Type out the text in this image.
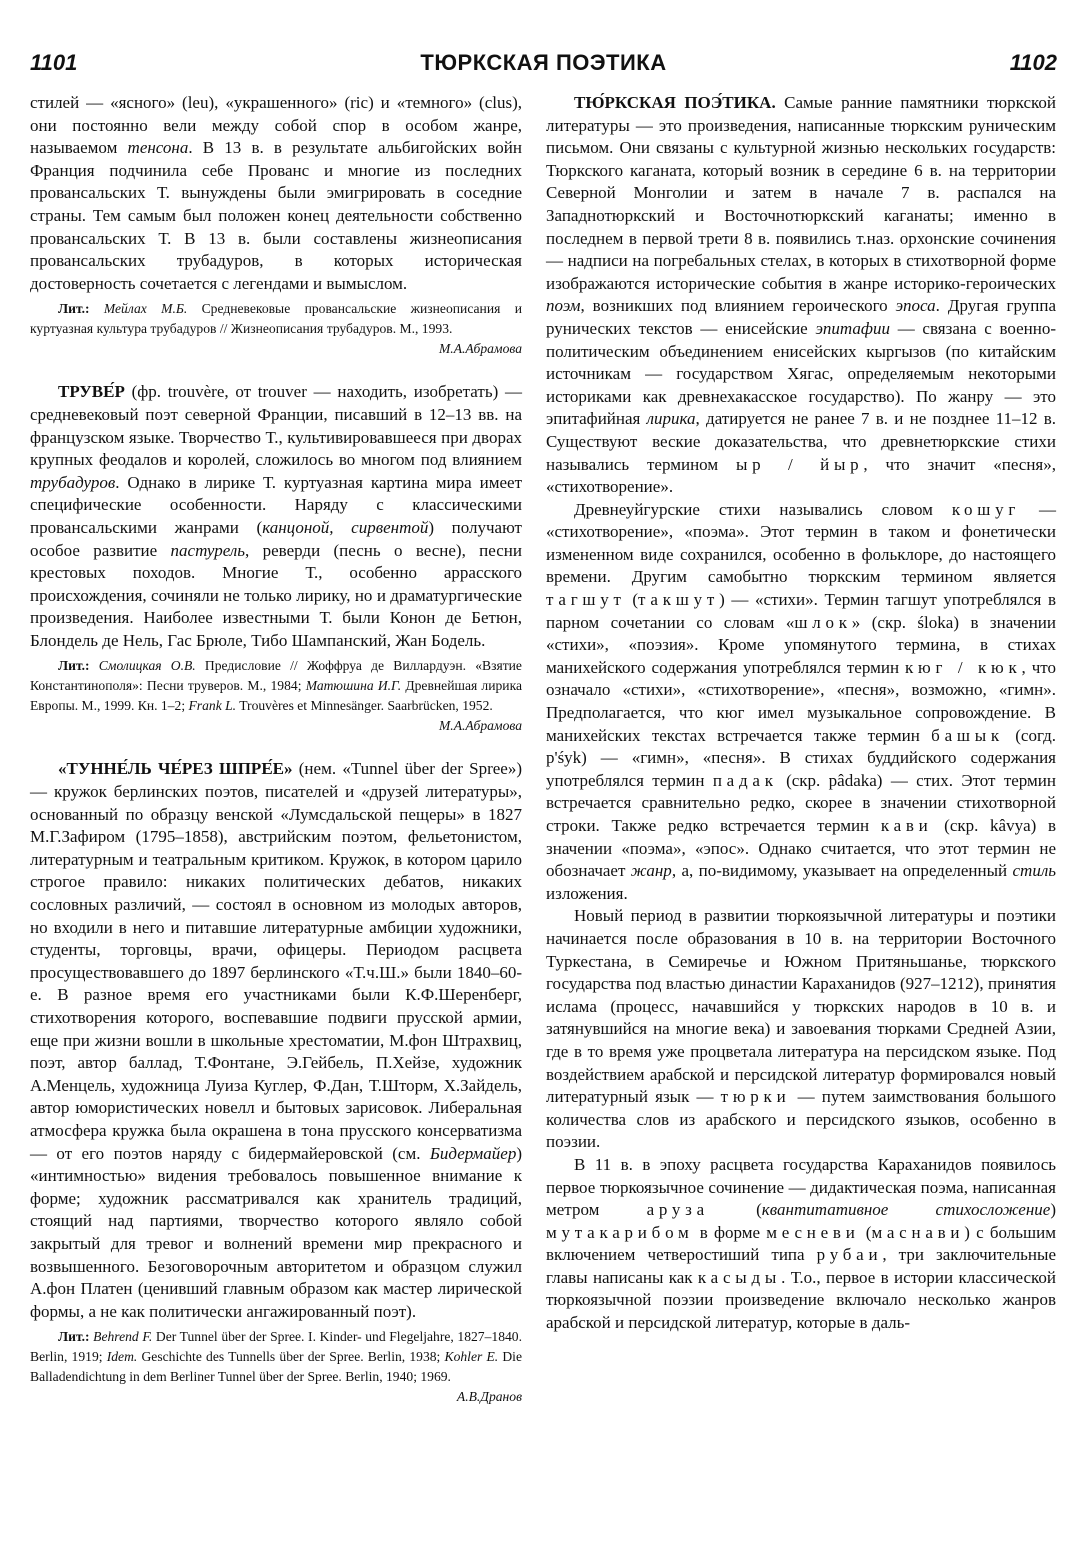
1101	ТЮРКСКАЯ ПОЭТИКА	1102

стилей — «ясного» (leu), «украшенного» (ric) и «темного» (clus), они постоянно вели между собой спор в особом жанре, называемом тенсона. В 13 в. в результате альбигойских войн Франция подчинила себе Прованс и многие из последних провансальских Т. вынуждены были эмигрировать в соседние страны. Тем самым был положен конец деятельности собственно провансальских Т. В 13 в. были составлены жизнеописания провансальских трубадуров, в которых историческая достоверность сочетается с легендами и вымыслом.

Лит.: Мейлах М.Б. Средневековые провансальские жизнеописания и куртуазная культура трубадуров // Жизнеописания трубадуров. М., 1993.
М.А.Абрамова

ТРУВЕ́Р (фр. trouvère, от trouver — находить, изобретать) — средневековый поэт северной Франции, писавший в 12–13 вв. на французском языке. Творчество Т., культивировавшееся при дворах крупных феодалов и королей, сложилось во многом под влиянием трубадуров. Однако в лирике Т. куртуазная картина мира имеет специфические особенности. Наряду с классическими провансальскими жанрами (канцоной, сирвентой) получают особое развитие пастурель, реверди (песнь о весне), песни крестовых походов. Многие Т., особенно аррасского происхождения, сочиняли не только лирику, но и драматургические произведения. Наиболее известными Т. были Конон де Бетюн, Блондель де Нель, Гас Брюле, Тибо Шампанский, Жан Бодель.

Лит.: Смолицкая О.В. Предисловие // Жоффруа де Виллардуэн. «Взятие Константинополя»: Песни труверов. М., 1984; Матюшина И.Г. Древнейшая лирика Европы. М., 1999. Кн. 1–2; Frank L. Trouvères et Minnesänger. Saarbrücken, 1952.
М.А.Абрамова

«ТУННЕ́ЛЬ ЧЕ́РЕЗ ШПРЕ́Е» (нем. «Tunnel über der Spree») — кружок берлинских поэтов, писателей и «друзей литературы», основанный по образцу венской «Лумсдальской пещеры» в 1827 М.Г.Зафиром (1795–1858), австрийским поэтом, фельетонистом, литературным и театральным критиком. Кружок, в котором царило строгое правило: никаких политических дебатов, никаких сословных различий, — состоял в основном из молодых авторов, но входили в него и питавшие литературные амбиции художники, студенты, торговцы, врачи, офицеры. Периодом расцвета просуществовавшего до 1897 берлинского «Т.ч.Ш.» были 1840–60-е. В разное время его участниками были К.Ф.Шеренберг, стихотворения которого, воспевавшие подвиги прусской армии, еще при жизни вошли в школьные хрестоматии, М.фон Штрахвиц, поэт, автор баллад, Т.Фонтане, Э.Гейбель, П.Хейзе, художник А.Менцель, художница Луиза Куглер, Ф.Дан, Т.Шторм, Х.Зайдель, автор юмористических новелл и бытовых зарисовок. Либеральная атмосфера кружка была окрашена в тона прусского консерватизма — от его поэтов наряду с бидермайеровской (см. Бидермайер) «интимностью» видения требовалось повышенное внимание к форме; художник рассматривался как хранитель традиций, стоящий над партиями, творчество которого являло собой закрытый для тревог и волнений времени мир прекрасного и возвышенного. Безоговорочным авторитетом и образцом служил А.фон Платен (ценивший главным образом как мастер лирической формы, а не как политически ангажированный поэт).

Лит.: Behrend F. Der Tunnel über der Spree. I. Kinder- und Flegeljahre, 1827–1840. Berlin, 1919; Idem. Geschichte des Tunnells über der Spree. Berlin, 1938; Kohler E. Die Balladendichtung in dem Berliner Tunnel über der Spree. Berlin, 1940; 1969.
А.В.Дранов

ТЮ́РКСКАЯ ПОЭ́ТИКА. Самые ранние памятники тюркской литературы — это произведения, написанные тюркским руническим письмом. Они связаны с культурной жизнью нескольких государств: Тюркского каганата, который возник в середине 6 в. на территории Северной Монголии и затем в начале 7 в. распался на Западнотюркский и Восточнотюркский каганаты; именно в последнем в первой трети 8 в. появились т.наз. орхонские сочинения — надписи на погребальных стелах, в которых в стихотворной форме изображаются исторические события в жанре историко-героических поэм, возникших под влиянием героического эпоса. Другая группа рунических текстов — енисейские эпитафии — связана с военно-политическим объединением енисейских кыргызов (по китайским источникам — государством Хягас, определяемым некоторыми историками как древнехакасское государство). По жанру — это эпитафийная лирика, датируется не ранее 7 в. и не позднее 11–12 в. Существуют веские доказательства, что древнетюркские стихи назывались термином ыр / йыр, что значит «песня», «стихотворение».

Древнеуйгурские стихи назывались словом кошуг — «стихотворение», «поэма». Этот термин в таком и фонетически измененном виде сохранился, особенно в фольклоре, до настоящего времени. Другим самобытно тюркским термином является тагшут (такшут) — «стихи». Термин тагшут употреблялся в парном сочетании со словам «шлок» (скр. śloka) в значении «стихи», «поэзия». Кроме упомянутого термина, в стихах манихейского содержания употреблялся термин кюг / кюк, что означало «стихи», «стихотворение», «песня», возможно, «гимн». Предполагается, что кюг имел музыкальное сопровождение. В манихейских текстах встречается также термин башык (согд. p'śyk) — «гимн», «песня». В стихах буддийского содержания употреблялся термин падак (скр. pâdaka) — стих. Этот термин встречается сравнительно редко, скорее в значении стихотворной строки. Также редко встречается термин кави (скр. kâvya) в значении «поэма», «эпос». Однако считается, что этот термин не обозначает жанр, а, по-видимому, указывает на определенный стиль изложения.

Новый период в развитии тюркоязычной литературы и поэтики начинается после образования в 10 в. на территории Восточного Туркестана, в Семиречье и Южном Притяньшанье, тюркского государства под властью династии Караханидов (927–1212), принятия ислама (процесс, начавшийся у тюркских народов в 10 в. и затянувшийся на многие века) и завоевания тюрками Средней Азии, где в то время уже процветала литература на персидском языке. Под воздействием арабской и персидской литератур формировался новый литературный язык — тюрки — путем заимствования большого количества слов из арабского и персидского языков, особенно в поэзии.

В 11 в. в эпоху расцвета государства Караханидов появилось первое тюркоязычное сочинение — дидактическая поэма, написанная метром аруза (квантитативное стихосложение) мутакарибом в форме месневи (маснави) с большим включением четверостиший типа рубаи, три заключительные главы написаны как касыды. Т.о., первое в истории классической тюркоязычной поэзии произведение включало несколько жанров арабской и персидской литератур, которые в даль-
